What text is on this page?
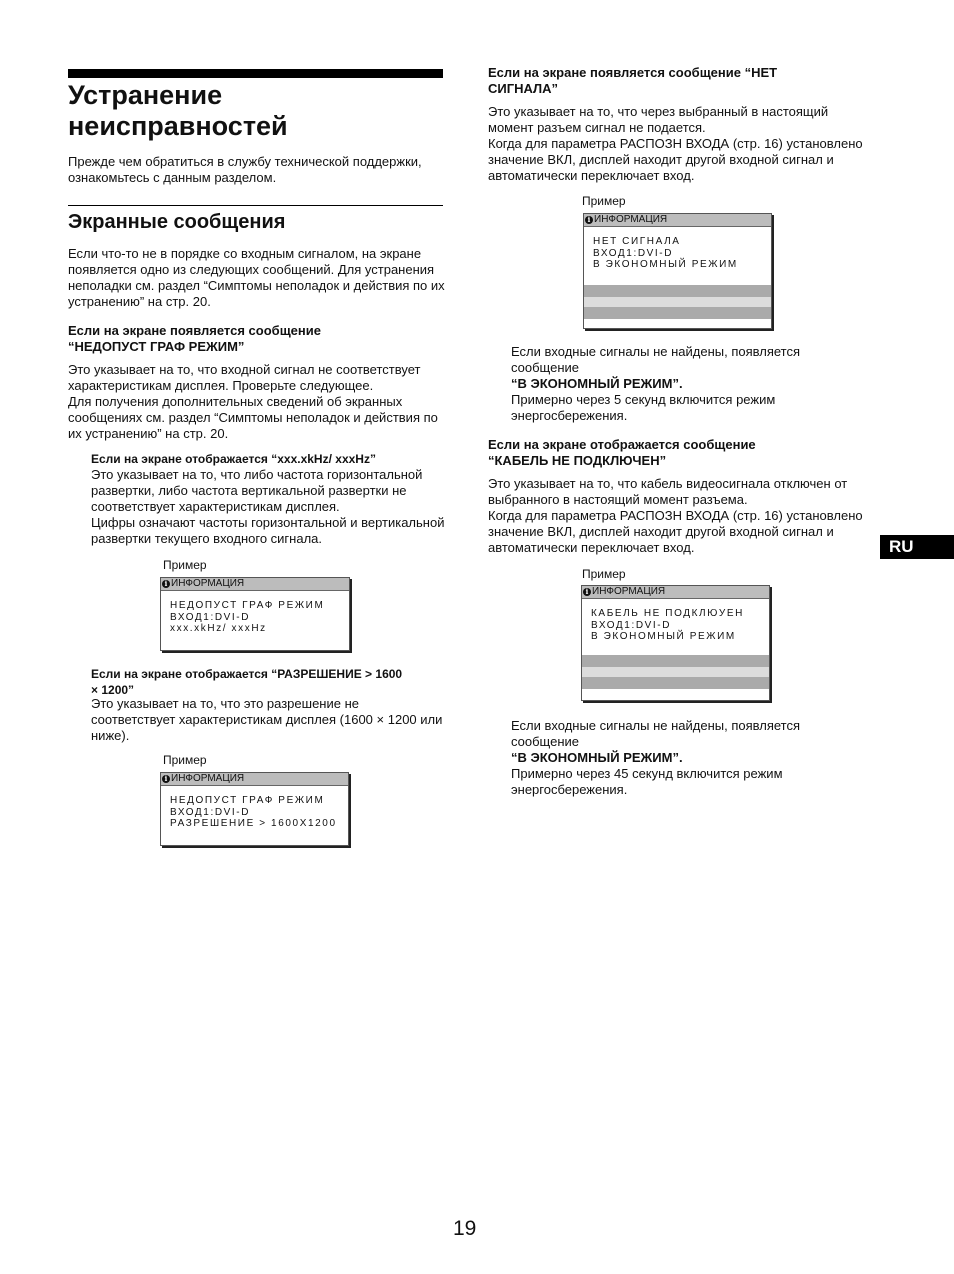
Устранение
неисправностей

Прежде чем обратиться в службу технической поддержки, ознакомьтесь с данным разделом.

Экранные сообщения

Если что-то не в порядке со входным сигналом, на экране появляется одно из следующих сообщений. Для устранения неполадки см. раздел “Симптомы неполадок и действия по их устранению” на стр. 20.

Если на экране появляется сообщение

“НЕДОПУСТ ГРАФ РЕЖИМ”

Это указывает на то, что входной сигнал не соответствует характеристикам дисплея. Проверьте следующее.
Для получения дополнительных сведений об экранных сообщениях см. раздел “Симптомы неполадок и действия по их устранению” на стр. 20.

Если на экране отображается “xxx.xkHz/ xxxHz”

Это указывает на то, что либо частота горизонтальной развертки, либо частота вертикальной развертки не соответствует характеристикам дисплея.
Цифры означают частоты горизонтальной и вертикальной развертки текущего входного сигнала.

Пример

i ИНФОРМАЦИЯ
НЕДОПУСТ ГРАФ РЕЖИМ
ВХОД1:DVI-D
xxx.xkHz/ xxxHz

Если на экране отображается “РАЗРЕШЕНИЕ > 1600

× 1200”

Это указывает на то, что это разрешение не соответствует характеристикам дисплея (1600 × 1200 или ниже).

Пример

i ИНФОРМАЦИЯ
НЕДОПУСТ ГРАФ РЕЖИМ
ВХОД1:DVI-D
РАЗРЕШЕНИЕ > 1600X1200

Если на экране появляется сообщение “НЕТ

СИГНАЛА”

Это указывает на то, что через выбранный в настоящий момент разъем сигнал не подается.
Когда для параметра РАСПОЗН ВХОДА (стр. 16) установлено значение ВКЛ, дисплей находит другой входной сигнал и автоматически переключает вход.

Пример

i ИНФОРМАЦИЯ
НЕТ СИГНАЛА
ВХОД1:DVI-D
В ЭКОНОМНЫЙ РЕЖИМ

Если входные сигналы не найдены, появляется сообщение

“В ЭКОНОМНЫЙ РЕЖИМ”.

Примерно через 5 секунд включится режим энергосбережения.

Если на экране отображается сообщение

“КАБЕЛЬ НЕ ПОДКЛЮЧЕН”

Это указывает на то, что кабель видеосигнала отключен от выбранного в настоящий момент разъема.
Когда для параметра РАСПОЗН ВХОДА (стр. 16) установлено значение ВКЛ, дисплей находит другой входной сигнал и автоматически переключает вход.

Пример

i ИНФОРМАЦИЯ
КАБЕЛЬ НЕ ПОДКЛЮУЕН
ВХОД1:DVI-D
В ЭКОНОМНЫЙ РЕЖИМ

Если входные сигналы не найдены, появляется сообщение

“В ЭКОНОМНЫЙ РЕЖИМ”.

Примерно через 45 секунд включится режим энергосбережения.

RU
19
